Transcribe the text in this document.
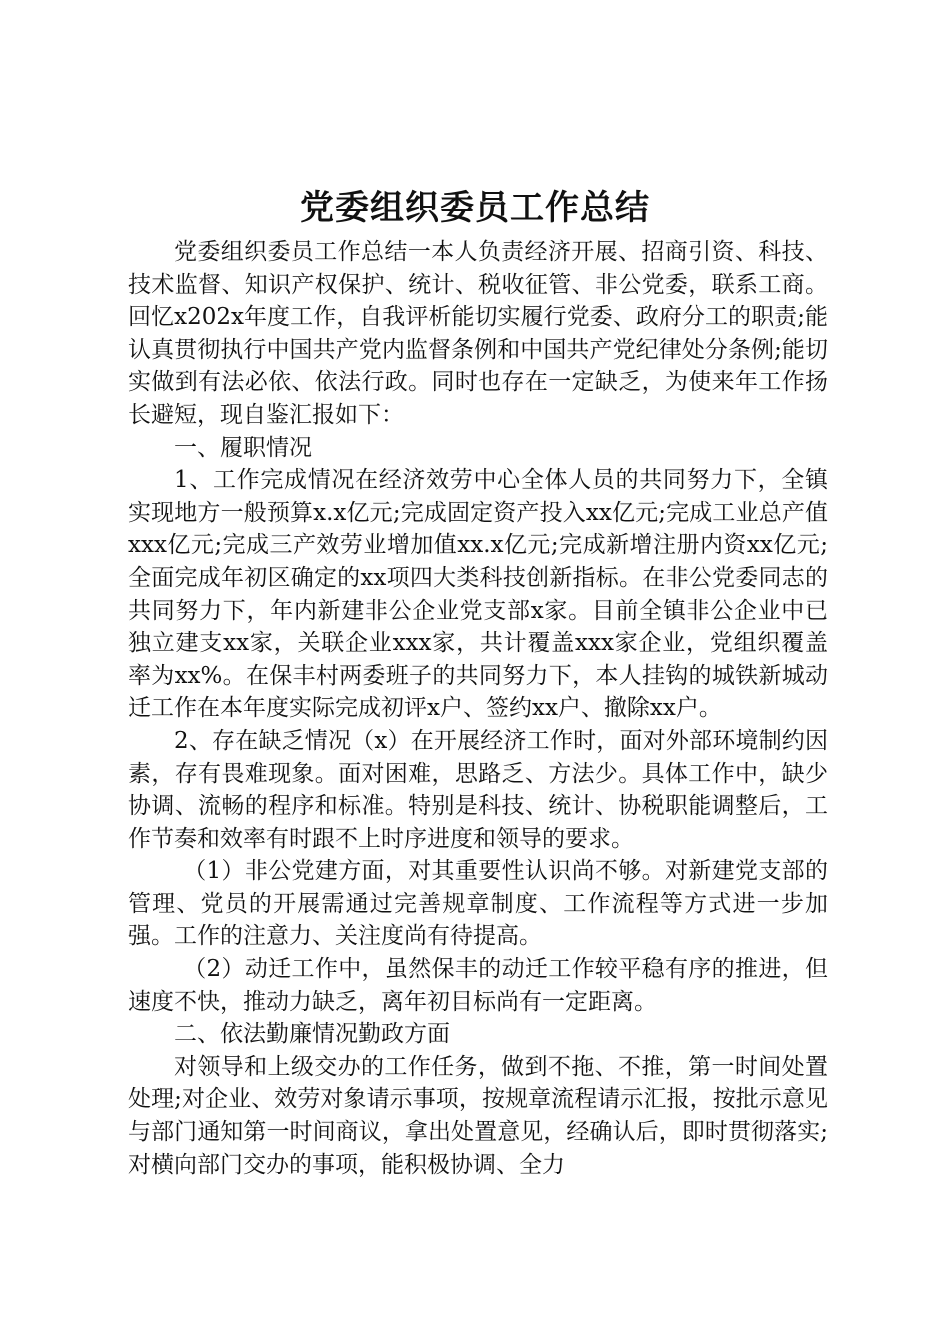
党委组织委员工作总结

党委组织委员工作总结一本人负责经济开展、招商引资、科技、技术监督、知识产权保护、统计、税收征管、非公党委，联系工商。回忆x202x年度工作，自我评析能切实履行党委、政府分工的职责;能认真贯彻执行中国共产党内监督条例和中国共产党纪律处分条例;能切实做到有法必依、依法行政。同时也存在一定缺乏，为使来年工作扬长避短，现自鉴汇报如下：

一、履职情况

1、工作完成情况在经济效劳中心全体人员的共同努力下，全镇实现地方一般预算x.x亿元;完成固定资产投入xx亿元;完成工业总产值xxx亿元;完成三产效劳业增加值xx.x亿元;完成新增注册内资xx亿元;全面完成年初区确定的xx项四大类科技创新指标。在非公党委同志的共同努力下，年内新建非公企业党支部x家。目前全镇非公企业中已独立建支xx家，关联企业xxx家，共计覆盖xxx家企业，党组织覆盖率为xx%。在保丰村两委班子的共同努力下，本人挂钩的城铁新城动迁工作在本年度实际完成初评x户、签约xx户、撤除xx户。

2、存在缺乏情况（x）在开展经济工作时，面对外部环境制约因素，存有畏难现象。面对困难，思路乏、方法少。具体工作中，缺少协调、流畅的程序和标准。特别是科技、统计、协税职能调整后，工作节奏和效率有时跟不上时序进度和领导的要求。

（1）非公党建方面，对其重要性认识尚不够。对新建党支部的管理、党员的开展需通过完善规章制度、工作流程等方式进一步加强。工作的注意力、关注度尚有待提高。

（2）动迁工作中，虽然保丰的动迁工作较平稳有序的推进，但速度不快，推动力缺乏，离年初目标尚有一定距离。

二、依法勤廉情况勤政方面

对领导和上级交办的工作任务，做到不拖、不推，第一时间处置处理;对企业、效劳对象请示事项，按规章流程请示汇报，按批示意见与部门通知第一时间商议，拿出处置意见，经确认后，即时贯彻落实;对横向部门交办的事项，能积极协调、全力
